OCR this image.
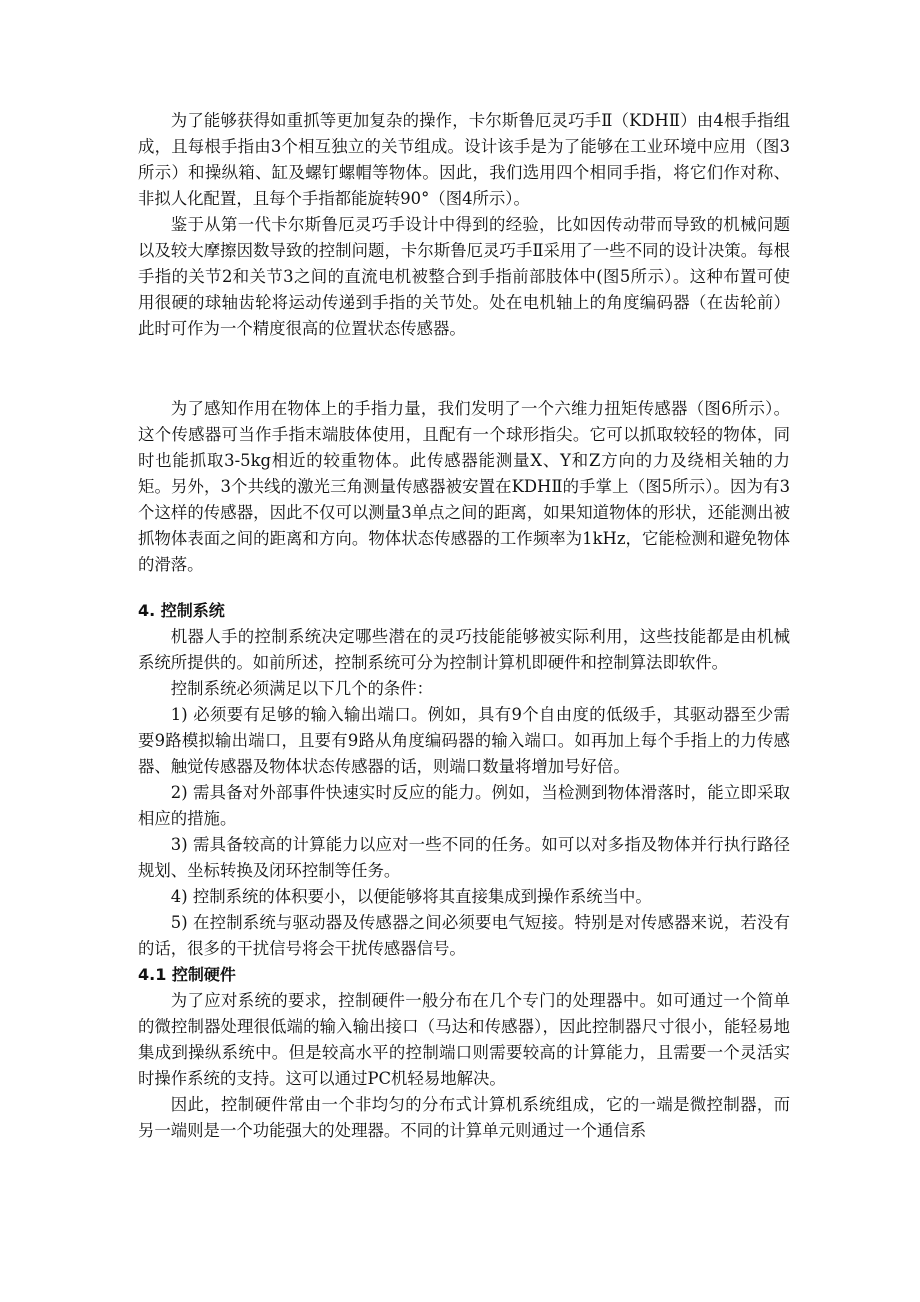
为了能够获得如重抓等更加复杂的操作，卡尔斯鲁厄灵巧手Ⅱ（KDHⅡ）由4根手指组成，且每根手指由3个相互独立的关节组成。设计该手是为了能够在工业环境中应用（图3所示）和操纵箱、缸及螺钉螺帽等物体。因此，我们选用四个相同手指，将它们作对称、非拟人化配置，且每个手指都能旋转90°（图4所示）。

鉴于从第一代卡尔斯鲁厄灵巧手设计中得到的经验，比如因传动带而导致的机械问题以及较大摩擦因数导致的控制问题，卡尔斯鲁厄灵巧手Ⅱ采用了一些不同的设计决策。每根手指的关节2和关节3之间的直流电机被整合到手指前部肢体中(图5所示）。这种布置可使用很硬的球轴齿轮将运动传递到手指的关节处。处在电机轴上的角度编码器（在齿轮前）此时可作为一个精度很高的位置状态传感器。

为了感知作用在物体上的手指力量，我们发明了一个六维力扭矩传感器（图6所示）。这个传感器可当作手指末端肢体使用，且配有一个球形指尖。它可以抓取较轻的物体，同时也能抓取3-5kg相近的较重物体。此传感器能测量X、Y和Z方向的力及绕相关轴的力矩。另外，3个共线的激光三角测量传感器被安置在KDHⅡ的手掌上（图5所示）。因为有3个这样的传感器，因此不仅可以测量3单点之间的距离，如果知道物体的形状，还能测出被抓物体表面之间的距离和方向。物体状态传感器的工作频率为1kHz，它能检测和避免物体的滑落。

4. 控制系统

机器人手的控制系统决定哪些潜在的灵巧技能能够被实际利用，这些技能都是由机械系统所提供的。如前所述，控制系统可分为控制计算机即硬件和控制算法即软件。

控制系统必须满足以下几个的条件：

1) 必须要有足够的输入输出端口。例如，具有9个自由度的低级手，其驱动器至少需要9路模拟输出端口，且要有9路从角度编码器的输入端口。如再加上每个手指上的力传感器、触觉传感器及物体状态传感器的话，则端口数量将增加号好倍。

2) 需具备对外部事件快速实时反应的能力。例如，当检测到物体滑落时，能立即采取相应的措施。

3) 需具备较高的计算能力以应对一些不同的任务。如可以对多指及物体并行执行路径规划、坐标转换及闭环控制等任务。

4) 控制系统的体积要小，以便能够将其直接集成到操作系统当中。

5) 在控制系统与驱动器及传感器之间必须要电气短接。特别是对传感器来说，若没有的话，很多的干扰信号将会干扰传感器信号。

4.1 控制硬件

为了应对系统的要求，控制硬件一般分布在几个专门的处理器中。如可通过一个简单的微控制器处理很低端的输入输出接口（马达和传感器），因此控制器尺寸很小，能轻易地集成到操纵系统中。但是较高水平的控制端口则需要较高的计算能力，且需要一个灵活实时操作系统的支持。这可以通过PC机轻易地解决。

因此，控制硬件常由一个非均匀的分布式计算机系统组成，它的一端是微控制器，而另一端则是一个功能强大的处理器。不同的计算单元则通过一个通信系
